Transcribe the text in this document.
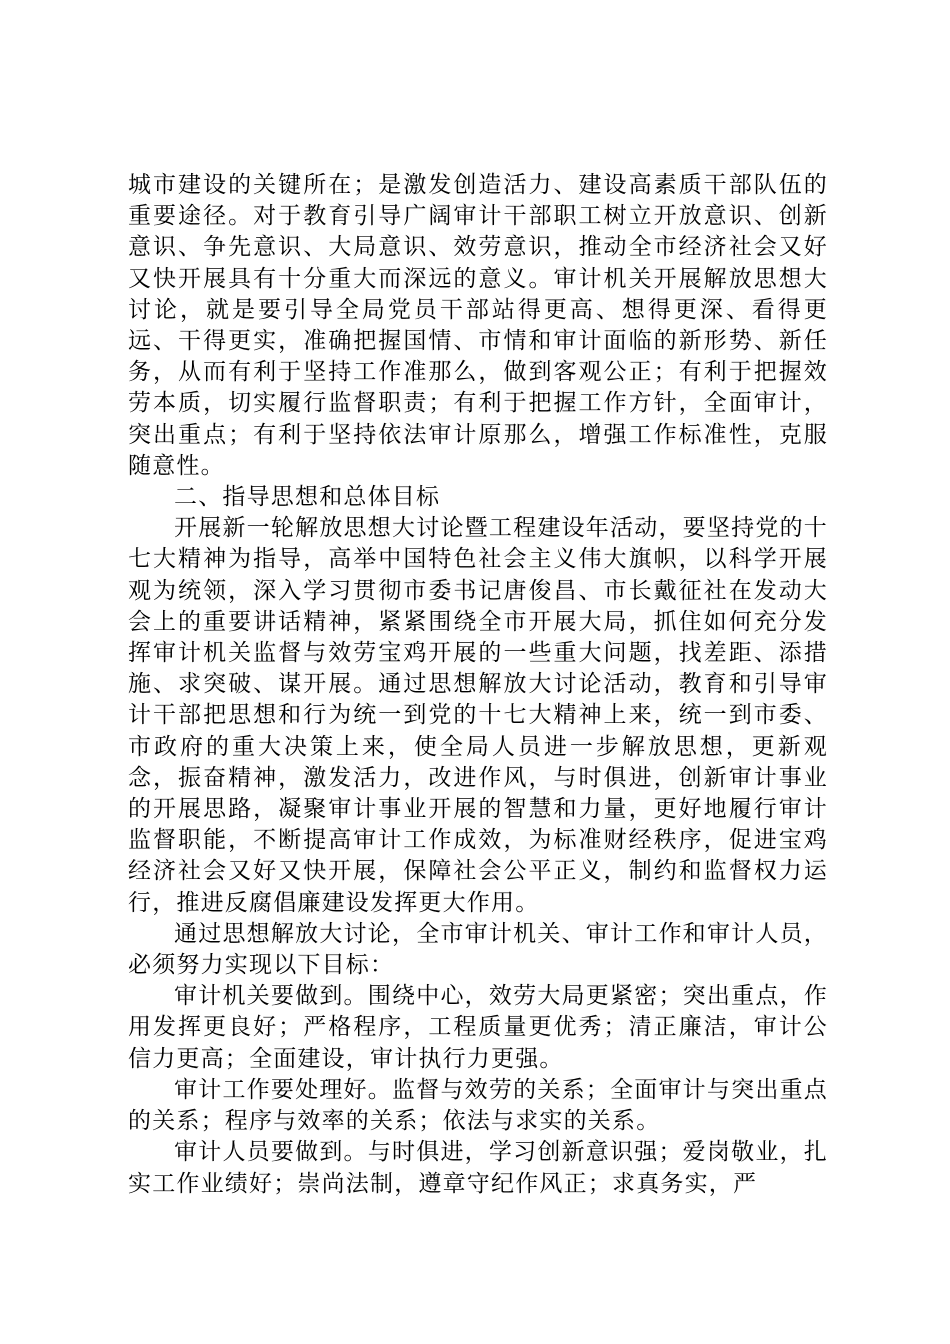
城市建设的关键所在；是激发创造活力、建设高素质干部队伍的重要途径。对于教育引导广阔审计干部职工树立开放意识、创新意识、争先意识、大局意识、效劳意识，推动全市经济社会又好又快开展具有十分重大而深远的意义。审计机关开展解放思想大讨论，就是要引导全局党员干部站得更高、想得更深、看得更远、干得更实，准确把握国情、市情和审计面临的新形势、新任务，从而有利于坚持工作准那么，做到客观公正；有利于把握效劳本质，切实履行监督职责；有利于把握工作方针，全面审计，突出重点；有利于坚持依法审计原那么，增强工作标准性，克服随意性。

二、指导思想和总体目标

开展新一轮解放思想大讨论暨工程建设年活动，要坚持党的十七大精神为指导，高举中国特色社会主义伟大旗帜，以科学开展观为统领，深入学习贯彻市委书记唐俊昌、市长戴征社在发动大会上的重要讲话精神，紧紧围绕全市开展大局，抓住如何充分发挥审计机关监督与效劳宝鸡开展的一些重大问题，找差距、添措施、求突破、谋开展。通过思想解放大讨论活动，教育和引导审计干部把思想和行为统一到党的十七大精神上来，统一到市委、市政府的重大决策上来，使全局人员进一步解放思想，更新观念，振奋精神，激发活力，改进作风，与时俱进，创新审计事业的开展思路，凝聚审计事业开展的智慧和力量，更好地履行审计监督职能，不断提高审计工作成效，为标准财经秩序，促进宝鸡经济社会又好又快开展，保障社会公平正义，制约和监督权力运行，推进反腐倡廉建设发挥更大作用。

通过思想解放大讨论，全市审计机关、审计工作和审计人员，必须努力实现以下目标：

审计机关要做到。围绕中心，效劳大局更紧密；突出重点，作用发挥更良好；严格程序，工程质量更优秀；清正廉洁，审计公信力更高；全面建设，审计执行力更强。

审计工作要处理好。监督与效劳的关系；全面审计与突出重点的关系；程序与效率的关系；依法与求实的关系。

审计人员要做到。与时俱进，学习创新意识强；爱岗敬业，扎实工作业绩好；崇尚法制，遵章守纪作风正；求真务实，严
